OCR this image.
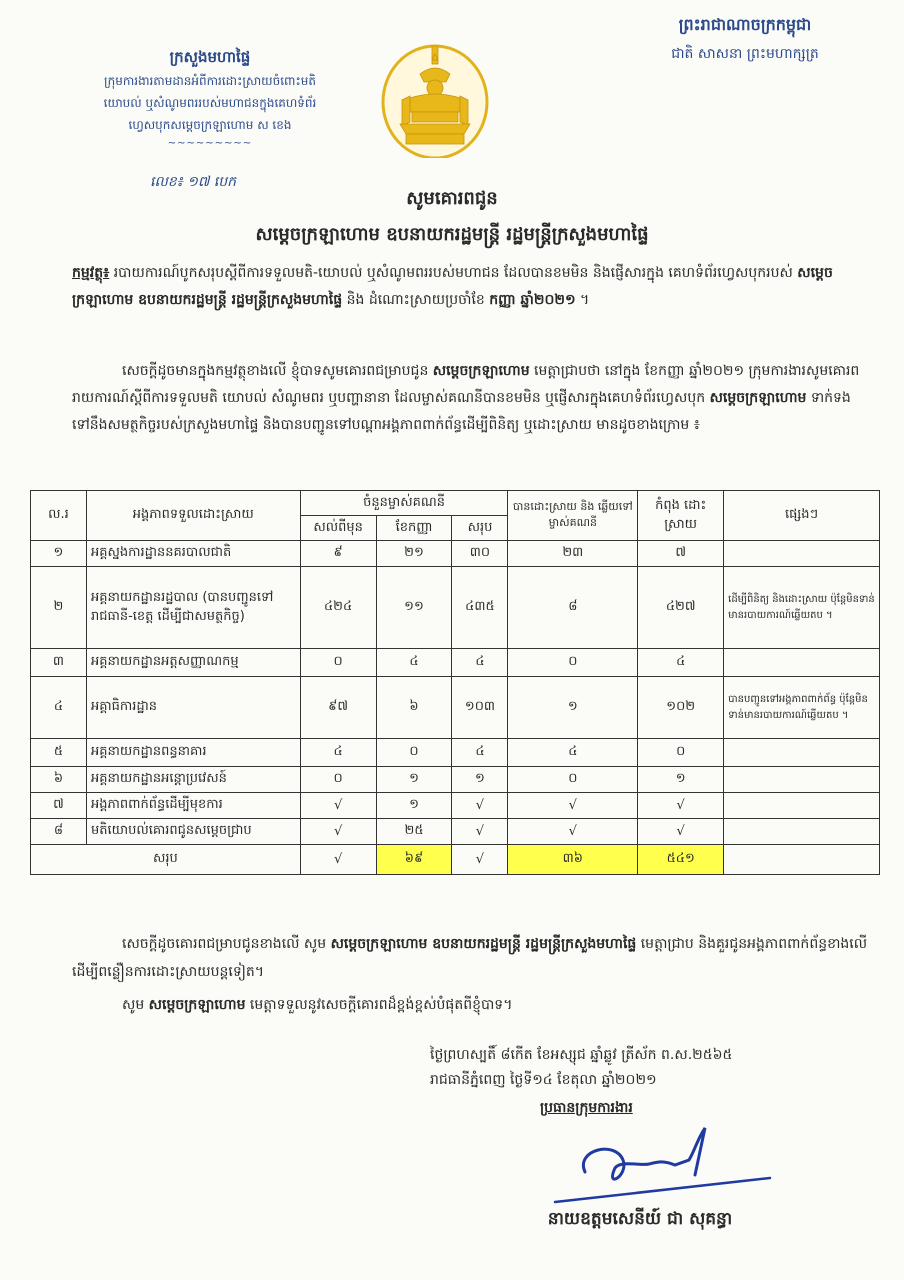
ក្រសួងមហាផ្ទៃ
ក្រុមការងារតាមដានអំពីការដោះស្រាយចំពោះមតិ
យោបល់ ឬសំណូមពររបស់មហាជនក្នុងគេហទំព័រ
ហ្វេសបុកសម្តេចក្រឡាហោម ស ខេង
~~~~~~~~~
ព្រះរាជាណាចក្រកម្ពុជា
ជាតិ សាសនា ព្រះមហាក្សត្រ
លេខ៖ ១៧ បេក
សូមគោរពជូន
សម្តេចក្រឡាហោម ឧបនាយករដ្ឋមន្ត្រី រដ្ឋមន្ត្រីក្រសួងមហាផ្ទៃ
កម្មវត្ថុ៖ របាយការណ៍បូកសរុបស្តីពីការទទួលមតិ-យោបល់ ឬសំណូមពររបស់មហាជន ដែលបានខមមិន និងផ្ញើសារក្នុង គេហទំព័រហ្វេសបុករបស់ សម្តេចក្រឡាហោម ឧបនាយករដ្ឋមន្ត្រី រដ្ឋមន្ត្រីក្រសួងមហាផ្ទៃ និង ដំណោះស្រាយប្រចាំខែ កញ្ញា ឆ្នាំ២០២១ ។
សេចក្តីដូចមានក្នុងកម្មវត្ថុខាងលើ ខ្ញុំបាទសូមគោរពជម្រាបជូន សម្តេចក្រឡាហោម មេត្តាជ្រាបថា នៅក្នុង ខែកញ្ញា ឆ្នាំ២០២១ ក្រុមការងារសូមគោរពរាយការណ៍ស្តីពីការទទួលមតិ យោបល់ សំណូមពរ ឬបញ្ហានានា ដែលម្ចាស់គណនីបានខមមិន ឬផ្ញើសារក្នុងគេហទំព័រហ្វេសបុក សម្តេចក្រឡាហោម ទាក់ទងទៅនឹងសមត្ថកិច្ចរបស់ក្រសួងមហាផ្ទៃ និងបានបញ្ជូនទៅបណ្តាអង្គភាពពាក់ព័ន្ធដើម្បីពិនិត្យ ឬដោះស្រាយ មានដូចខាងក្រោម ៖
ល.រ	អង្គភាពទទួលដោះស្រាយ	ចំនួនម្ចាស់គណនី			បានដោះស្រាយ និង ឆ្លើយទៅម្ចាស់គណនី	កំពុង ដោះស្រាយ	ផ្សេងៗ
		សល់ពីមុន	ខែកញ្ញា	សរុប			
១	អគ្គស្នងការដ្ឋាននគរបាលជាតិ	៩	២១	៣០	២៣	៧	
២	អគ្គនាយកដ្ឋានរដ្ឋបាល (បានបញ្ជូនទៅរាជធានី-ខេត្ត ដើម្បីជាសមត្ថកិច្ច)	៤២៤	១១	៤៣៥	៨	៤២៧	ដើម្បីពិនិត្យ និងដោះស្រាយ ប៉ុន្តែមិនទាន់មានរបាយការណ៍ឆ្លើយតប ។
៣	អគ្គនាយកដ្ឋានអត្តសញ្ញាណកម្ម	០	៤	៤	០	៤	
៤	អគ្គាធិការដ្ឋាន	៩៧	៦	១០៣	១	១០២	បានបញ្ជូនទៅអង្គភាពពាក់ព័ន្ធ ប៉ុន្តែមិនទាន់មានរបាយការណ៍ឆ្លើយតប ។
៥	អគ្គនាយកដ្ឋានពន្ធនាគារ	៤	០	៤	៤	០	
៦	អគ្គនាយកដ្ឋានអន្តោប្រវេសន៍	០	១	១	០	១	
៧	អង្គភាពពាក់ព័ន្ធដើម្បីមុខការ	√	១	√	√	√	
៨	មតិយោបល់គោរពជូនសម្តេចជ្រាប	√	២៥	√	√	√	
សរុប		√	៦៩	√	៣៦	៥៤១	
សេចក្តីដូចគោរពជម្រាបជូនខាងលើ សូម សម្តេចក្រឡាហោម ឧបនាយករដ្ឋមន្ត្រី រដ្ឋមន្ត្រីក្រសួងមហាផ្ទៃ មេត្តាជ្រាប និងគួរជូនអង្គភាពពាក់ព័ន្ធខាងលើ ដើម្បីពន្លឿនការដោះស្រាយបន្តទៀត។
សូម សម្តេចក្រឡាហោម មេត្តាទទួលនូវសេចក្តីគោរពដ៏ខ្ពង់ខ្ពស់បំផុតពីខ្ញុំបាទ។
ថ្ងៃព្រហស្បតិ៍ ៨កើត ខែអស្សុជ ឆ្នាំឆ្លូវ ត្រីស័ក ព.ស.២៥៦៥
រាជធានីភ្នំពេញ ថ្ងៃទី១៤ ខែតុលា ឆ្នាំ២០២១
ប្រធានក្រុមការងារ
នាយឧត្តមសេនីយ៍ ជា សុគន្ធា
